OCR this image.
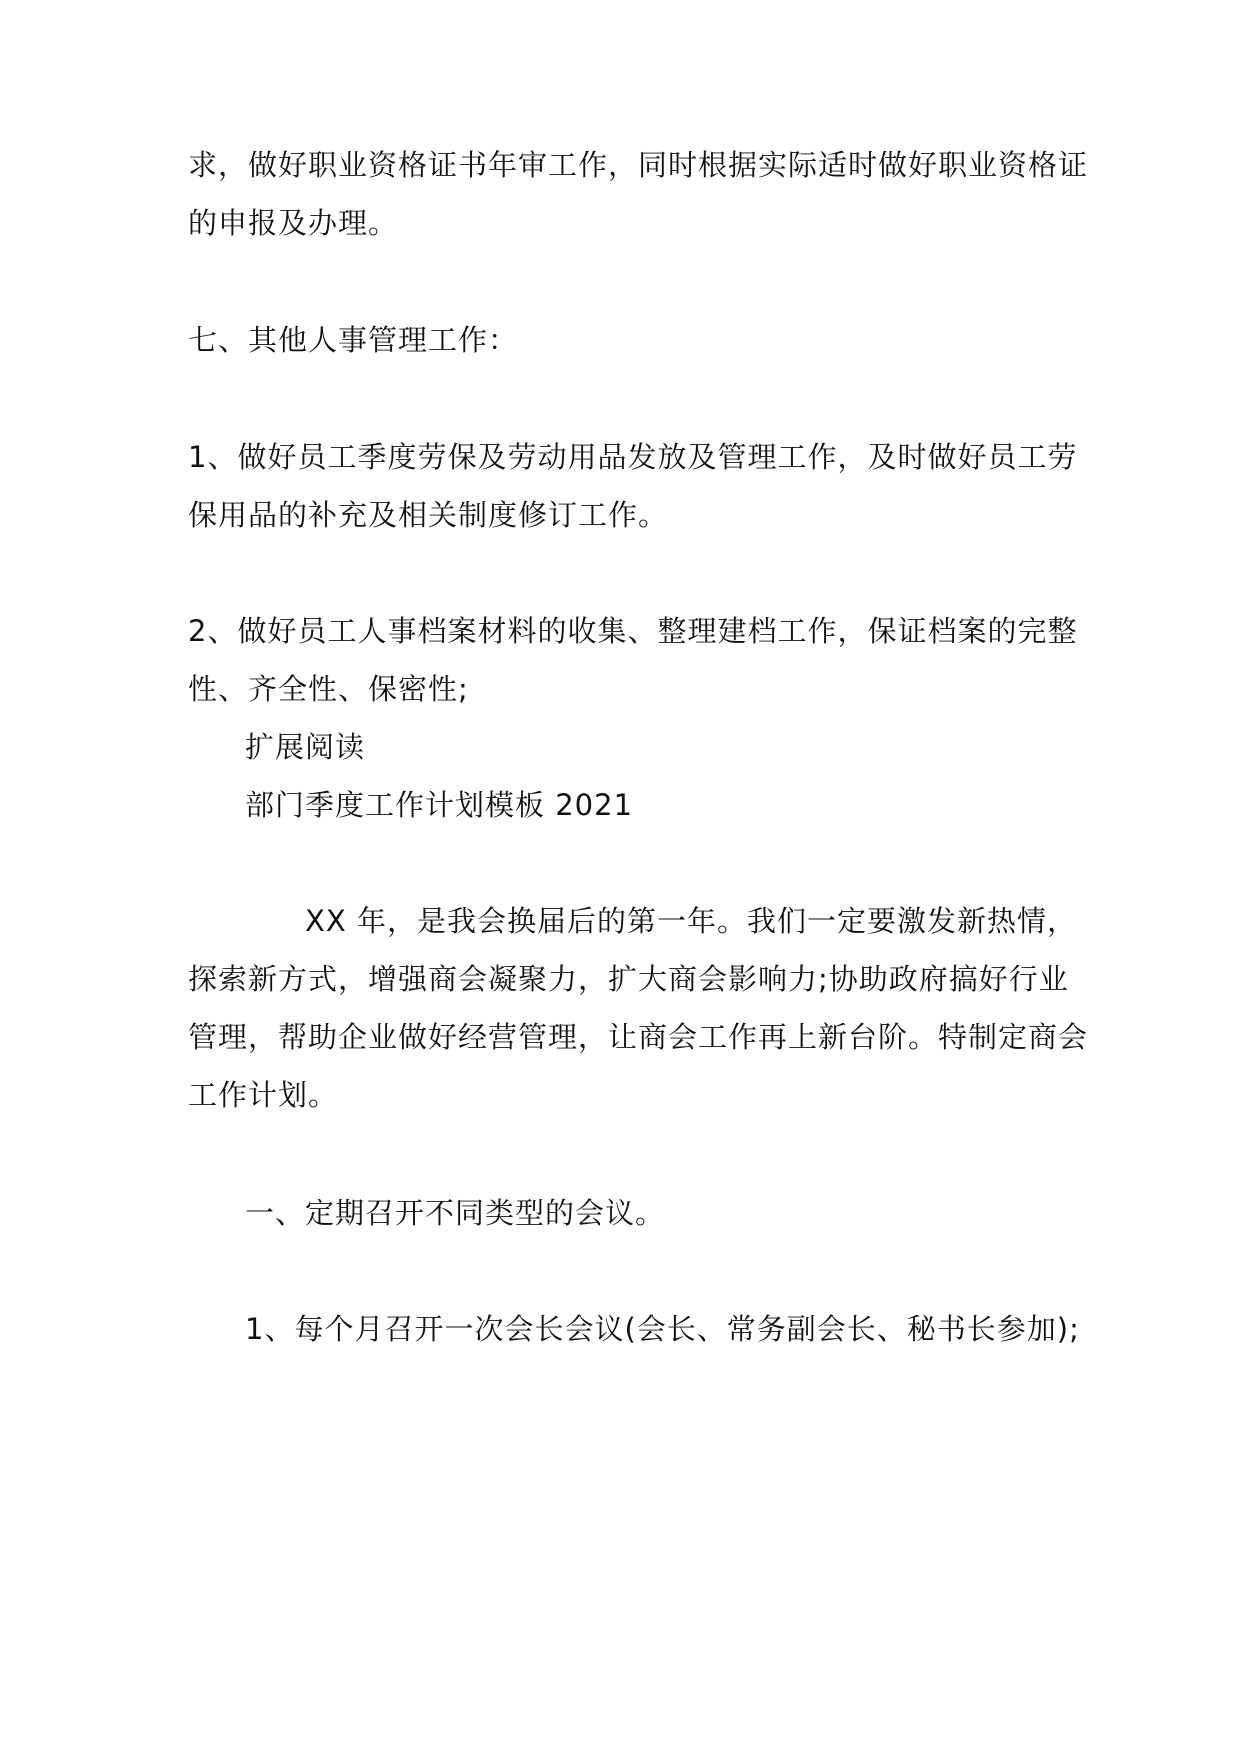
求，做好职业资格证书年审工作，同时根据实际适时做好职业资格证
的申报及办理。
七、其他人事管理工作：
1、做好员工季度劳保及劳动用品发放及管理工作，及时做好员工劳
保用品的补充及相关制度修订工作。
2、做好员工人事档案材料的收集、整理建档工作，保证档案的完整
性、齐全性、保密性;
扩展阅读
部门季度工作计划模板 2021
XX 年，是我会换届后的第一年。我们一定要激发新热情，
探索新方式，增强商会凝聚力，扩大商会影响力;协助政府搞好行业
管理，帮助企业做好经营管理，让商会工作再上新台阶。特制定商会
工作计划。
一、定期召开不同类型的会议。
1、每个月召开一次会长会议(会长、常务副会长、秘书长参加);
